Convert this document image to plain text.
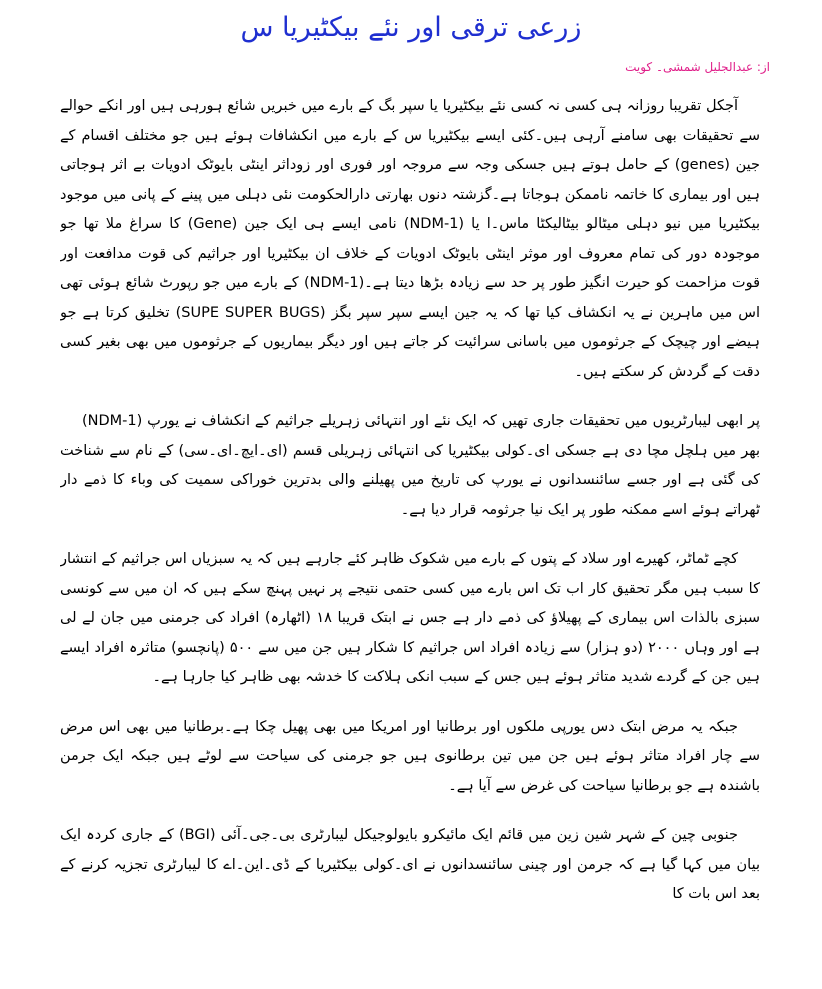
زرعی ترقی اور نئے بیکٹیریا س
از: عبدالجلیل شمشی۔ کویت

آجکل تقریبا روزانہ ہی کسی نہ کسی نئے بیکٹیریا یا سپر بگ کے بارے میں خبریں شائع ہورہی ہیں اور انکے حوالے سے تحقیقات بھی سامنے آرہی ہیں۔کئی ایسے بیکٹیریا س کے بارے میں انکشافات ہوئے ہیں جو مختلف اقسام کے جین (genes) کے حامل ہوتے ہیں جسکی وجہ سے مروجہ اور فوری اور زوداثر اینٹی بایوٹک ادویات بے اثر ہوجاتی ہیں اور بیماری کا خاتمہ ناممکن ہوجاتا ہے۔گزشتہ دنوں بھارتی دارالحکومت نئی دہلی میں پینے کے پانی میں موجود بیکٹیریا میں نیو دہلی میٹالو بیٹالیکٹا ماس۔ا یا (NDM-1) نامی ایسے ہی ایک جین (Gene) کا سراغ ملا تھا جو موجودہ دور کی تمام معروف اور موثر اینٹی بایوٹک ادویات کے خلاف ان بیکٹیریا اور جراثیم کی قوت مدافعت اور قوت مزاحمت کو حیرت انگیز طور پر حد سے زیادہ بڑھا دیتا ہے۔(NDM-1) کے بارے میں جو رپورٹ شائع ہوئی تھی اس میں ماہرین نے یہ انکشاف کیا تھا کہ یہ جین ایسے سپر سپر بگز (SUPE SUPER BUGS) تخلیق کرتا ہے جو ہیضے اور چیچک کے جرثوموں میں باسانی سرائیت کر جاتے ہیں اور دیگر بیماریوں کے جرثوموں میں بھی بغیر کسی دقت کے گردش کر سکتے ہیں۔

(NDM-1) پر ابھی لیبارٹریوں میں تحقیقات جاری تھیں کہ ایک نئے اور انتہائی زہریلے جراثیم کے انکشاف نے یورپ بھر میں ہلچل مچا دی ہے جسکی ای۔کولی بیکٹیریا کی انتہائی زہریلی قسم (ای۔ایچ۔ای۔سی) کے نام سے شناخت کی گئی ہے اور جسے سائنسدانوں نے یورپ کی تاریخ میں پھیلنے والی بدترین خوراکی سمیت کی وباء کا ذمے دار ٹھراتے ہوئے اسے ممکنہ طور پر ایک نیا جرثومہ قرار دیا ہے۔

کچے ٹماٹر، کھیرے اور سلاد کے پتوں کے بارے میں شکوک ظاہر کئے جارہے ہیں کہ یہ سبزیاں اس جراثیم کے انتشار کا سبب ہیں مگر تحقیق کار اب تک اس بارے میں کسی حتمی نتیجے پر نہیں پہنچ سکے ہیں کہ ان میں سے کونسی سبزی بالذات اس بیماری کے پھیلاؤ کی ذمے دار ہے جس نے ابتک قریبا ۱۸ (اٹھارہ) افراد کی جرمنی میں جان لے لی ہے اور وہاں ۲۰۰۰ (دو ہزار) سے زیادہ افراد اس جراثیم کا شکار ہیں جن میں سے ۵۰۰ (پانچسو) متاثرہ افراد ایسے ہیں جن کے گردے شدید متاثر ہوئے ہیں جس کے سبب انکی ہلاکت کا خدشہ بھی ظاہر کیا جارہا ہے۔

جبکہ یہ مرض ابتک دس یورپی ملکوں اور برطانیا اور امریکا میں بھی پھیل چکا ہے۔برطانیا میں بھی اس مرض سے چار افراد متاثر ہوئے ہیں جن میں تین برطانوی ہیں جو جرمنی کی سیاحت سے لوٹے ہیں جبکہ ایک جرمن باشندہ ہے جو برطانیا سیاحت کی غرض سے آیا ہے۔

جنوبی چین کے شہر شین زین میں قائم ایک مائیکرو بایولوجیکل لیبارٹری بی۔جی۔آئی (BGI) کے جاری کردہ ایک بیان میں کہا گیا ہے کہ جرمن اور چینی سائنسدانوں نے ای۔کولی بیکٹیریا کے ڈی۔این۔اے کا لیبارٹری تجزیہ کرنے کے بعد اس بات کا
